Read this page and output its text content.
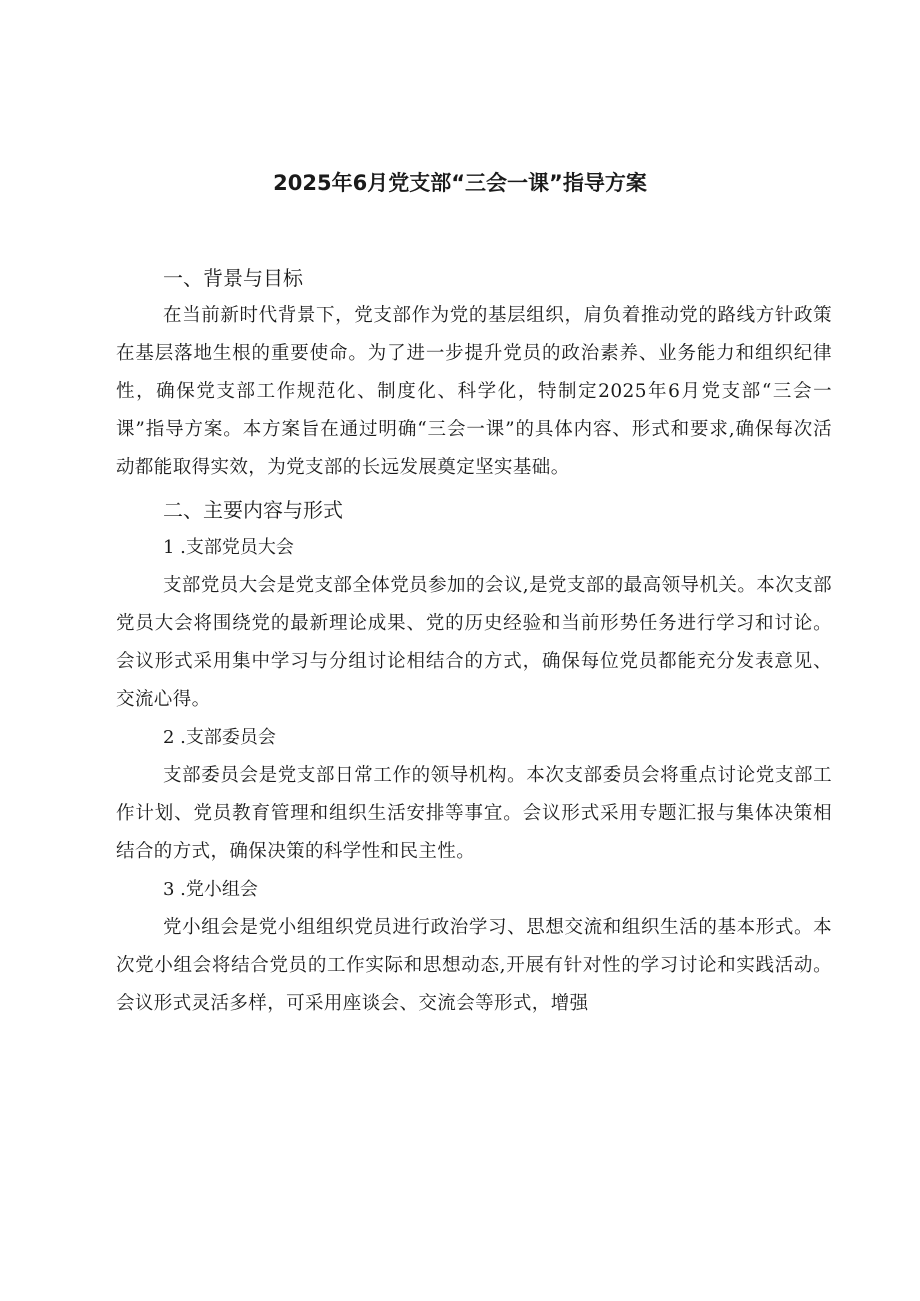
2025年6月党支部“三会一课”指导方案
一、背景与目标

在当前新时代背景下，党支部作为党的基层组织，肩负着推动党的路线方针政策在基层落地生根的重要使命。为了进一步提升党员的政治素养、业务能力和组织纪律性，确保党支部工作规范化、制度化、科学化，特制定2025年6月党支部“三会一课”指导方案。本方案旨在通过明确“三会一课”的具体内容、形式和要求,确保每次活动都能取得实效，为党支部的长远发展奠定坚实基础。

二、主要内容与形式
1 .支部党员大会

支部党员大会是党支部全体党员参加的会议,是党支部的最高领导机关。本次支部党员大会将围绕党的最新理论成果、党的历史经验和当前形势任务进行学习和讨论。会议形式采用集中学习与分组讨论相结合的方式，确保每位党员都能充分发表意见、交流心得。

2 .支部委员会

支部委员会是党支部日常工作的领导机构。本次支部委员会将重点讨论党支部工作计划、党员教育管理和组织生活安排等事宜。会议形式采用专题汇报与集体决策相结合的方式，确保决策的科学性和民主性。

3 .党小组会

党小组会是党小组组织党员进行政治学习、思想交流和组织生活的基本形式。本次党小组会将结合党员的工作实际和思想动态,开展有针对性的学习讨论和实践活动。会议形式灵活多样，可采用座谈会、交流会等形式，增强
